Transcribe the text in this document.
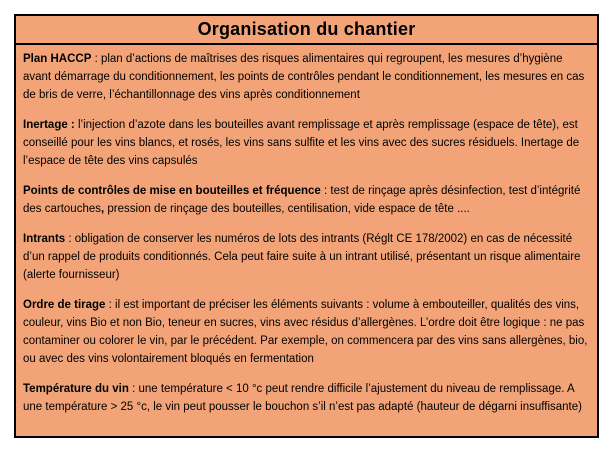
Organisation du chantier
Plan HACCP : plan d’actions de maîtrises des risques alimentaires qui regroupent, les mesures d’hygiène avant démarrage du conditionnement, les points de contrôles pendant le conditionnement, les mesures en cas de bris de verre, l’échantillonnage des vins après conditionnement
Inertage : l’injection d’azote dans les bouteilles avant remplissage et après remplissage (espace de tête), est conseillé pour les vins blancs, et rosés, les vins sans sulfite et les vins avec des sucres résiduels. Inertage de l’espace de tête des vins capsulés
Points de contrôles de mise en bouteilles et fréquence : test de rinçage après désinfection, test d’intégrité des cartouches, pression de rinçage des bouteilles, centilisation, vide espace de tête ....
Intrants : obligation de conserver les numéros de lots des intrants (Réglt CE 178/2002) en cas de nécessité d’un rappel de produits conditionnés. Cela peut faire suite à un intrant utilisé, présentant un risque alimentaire (alerte fournisseur)
Ordre de tirage : il est important de préciser les éléments suivants : volume à embouteiller, qualités des vins, couleur, vins Bio et non Bio, teneur en sucres, vins avec résidus d’allergènes. L’ordre doit être logique : ne pas contaminer ou colorer le vin, par le précédent. Par exemple, on commencera par des vins sans allergènes, bio, ou avec des vins volontairement bloqués en fermentation
Température du vin : une température < 10 °c peut rendre difficile l’ajustement du niveau de remplissage. A une température > 25 °c, le vin peut pousser le bouchon s’il n’est pas adapté (hauteur de dégarni insuffisante)
